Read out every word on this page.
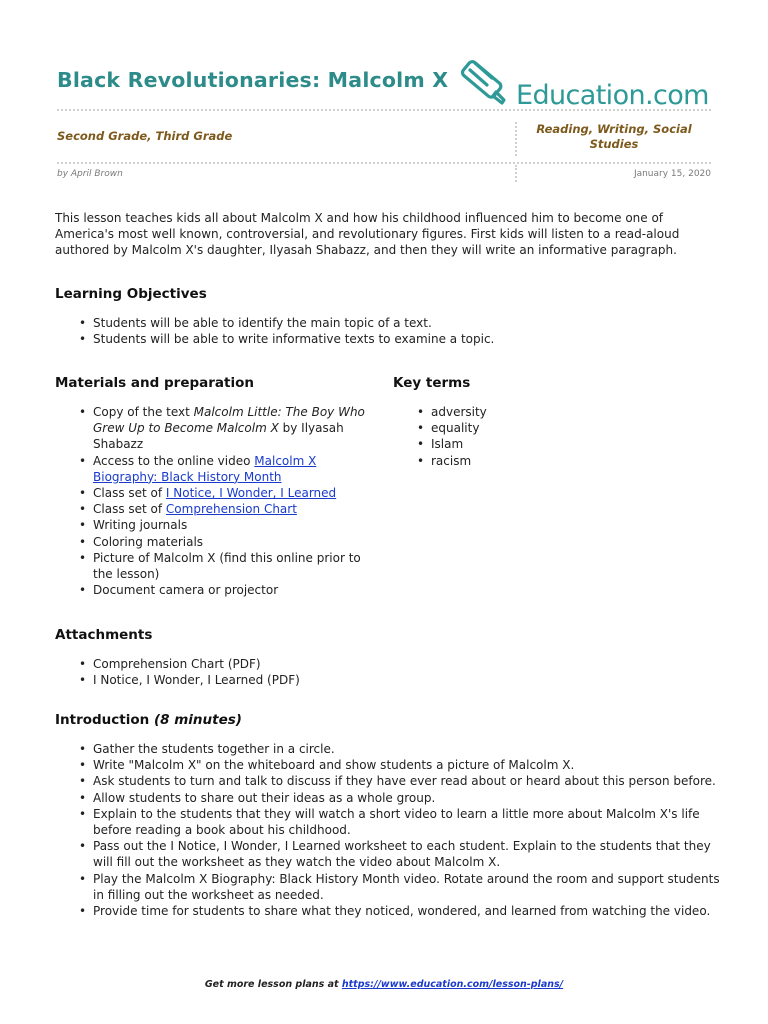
Black Revolutionaries: Malcolm X	Education.com
Second Grade, Third Grade	Reading, Writing, Social Studies
by April Brown	January 15, 2020

This lesson teaches kids all about Malcolm X and how his childhood influenced him to become one of America's most well known, controversial, and revolutionary figures. First kids will listen to a read-aloud authored by Malcolm X's daughter, Ilyasah Shabazz, and then they will write an informative paragraph.

Learning Objectives
• Students will be able to identify the main topic of a text.
• Students will be able to write informative texts to examine a topic.
Materials and preparation
• Copy of the text Malcolm Little: The Boy Who Grew Up to Become Malcolm X by Ilyasah Shabazz
• Access to the online video Malcolm X Biography: Black History Month
• Class set of I Notice, I Wonder, I Learned
• Class set of Comprehension Chart
• Writing journals
• Coloring materials
• Picture of Malcolm X (find this online prior to the lesson)
• Document camera or projector
Key terms
• adversity
• equality
• Islam
• racism
Attachments
• Comprehension Chart (PDF)
• I Notice, I Wonder, I Learned (PDF)
Introduction (8 minutes)
• Gather the students together in a circle.
• Write "Malcolm X" on the whiteboard and show students a picture of Malcolm X.
• Ask students to turn and talk to discuss if they have ever read about or heard about this person before.
• Allow students to share out their ideas as a whole group.
• Explain to the students that they will watch a short video to learn a little more about Malcolm X's life before reading a book about his childhood.
• Pass out the I Notice, I Wonder, I Learned worksheet to each student. Explain to the students that they will fill out the worksheet as they watch the video about Malcolm X.
• Play the Malcolm X Biography: Black History Month video. Rotate around the room and support students in filling out the worksheet as needed.
• Provide time for students to share what they noticed, wondered, and learned from watching the video.
Get more lesson plans at https://www.education.com/lesson-plans/
